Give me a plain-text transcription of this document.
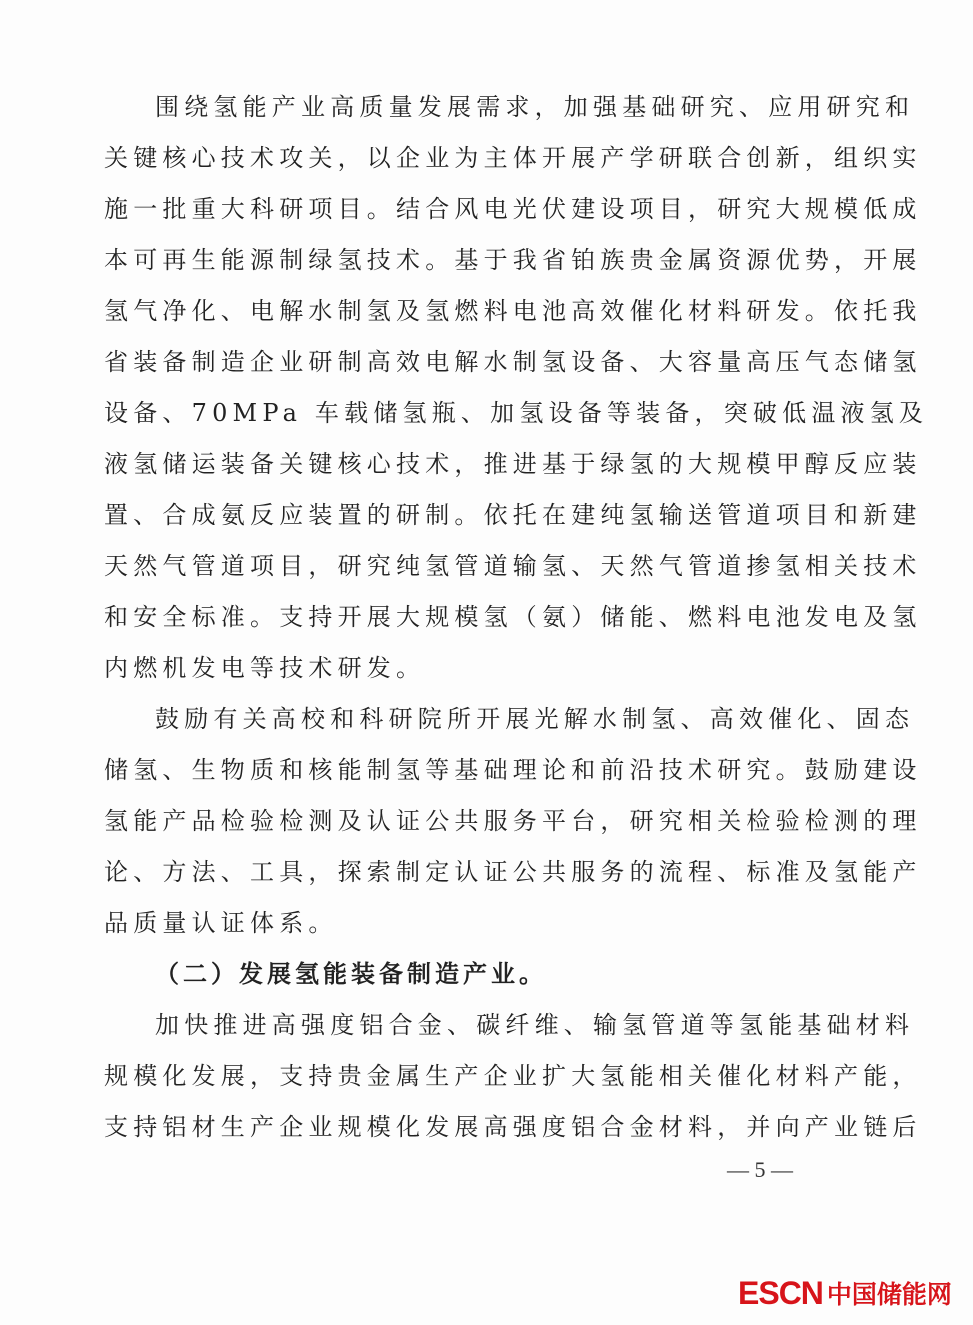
围绕氢能产业高质量发展需求，加强基础研究、应用研究和
关键核心技术攻关，以企业为主体开展产学研联合创新，组织实
施一批重大科研项目。结合风电光伏建设项目，研究大规模低成
本可再生能源制绿氢技术。基于我省铂族贵金属资源优势，开展
氢气净化、电解水制氢及氢燃料电池高效催化材料研发。依托我
省装备制造企业研制高效电解水制氢设备、大容量高压气态储氢
设备、70MPa 车载储氢瓶、加氢设备等装备，突破低温液氢及
液氢储运装备关键核心技术，推进基于绿氢的大规模甲醇反应装
置、合成氨反应装置的研制。依托在建纯氢输送管道项目和新建
天然气管道项目，研究纯氢管道输氢、天然气管道掺氢相关技术
和安全标准。支持开展大规模氢（氨）储能、燃料电池发电及氢
内燃机发电等技术研发。
鼓励有关高校和科研院所开展光解水制氢、高效催化、固态
储氢、生物质和核能制氢等基础理论和前沿技术研究。鼓励建设
氢能产品检验检测及认证公共服务平台，研究相关检验检测的理
论、方法、工具，探索制定认证公共服务的流程、标准及氢能产
品质量认证体系。
（二）发展氢能装备制造产业。
加快推进高强度铝合金、碳纤维、输氢管道等氢能基础材料
规模化发展，支持贵金属生产企业扩大氢能相关催化材料产能，
支持铝材生产企业规模化发展高强度铝合金材料，并向产业链后
— 5 —
ESCN 中国储能网
